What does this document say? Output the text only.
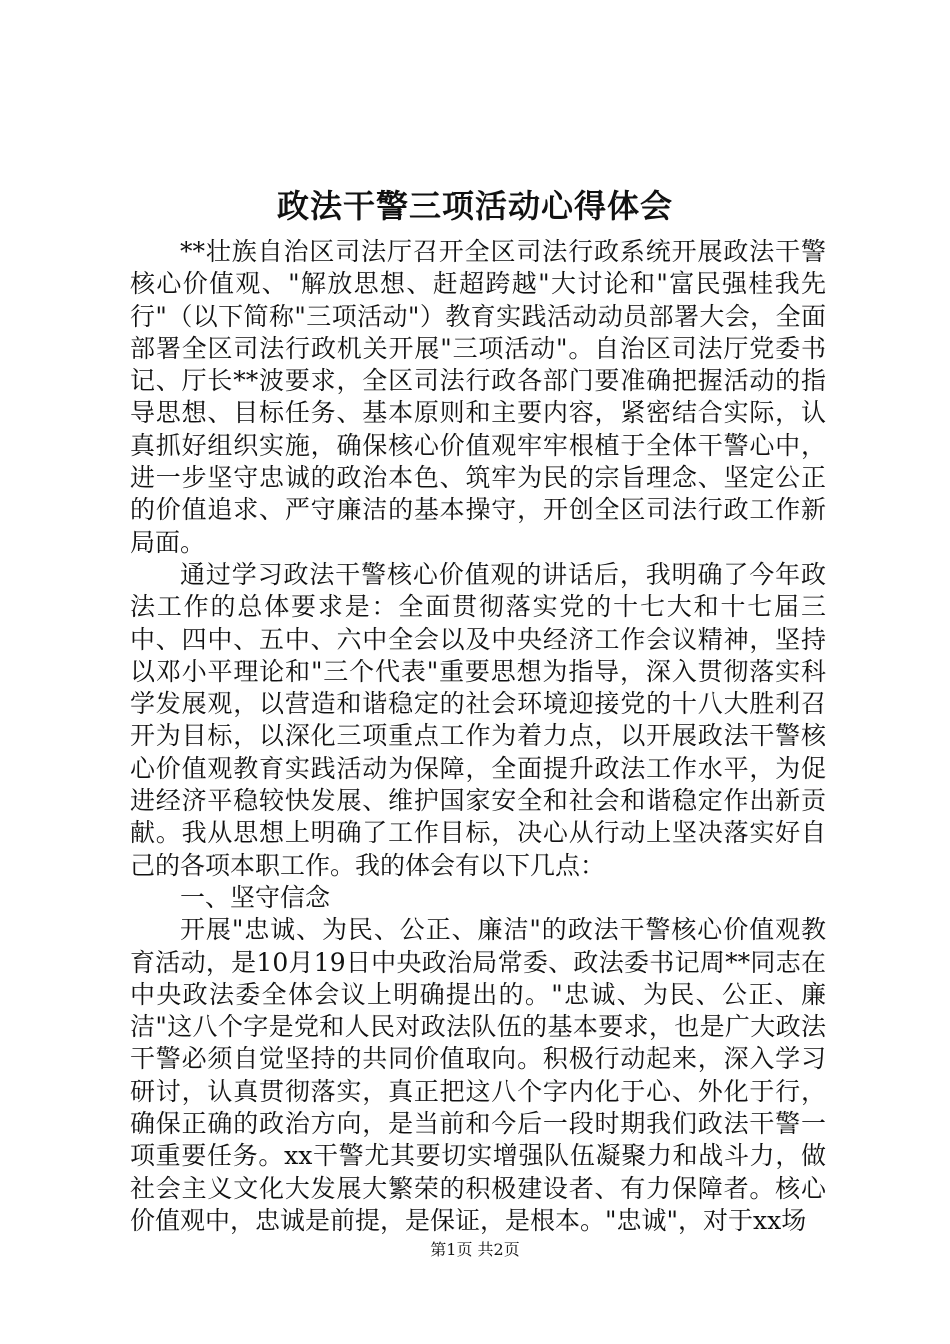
政法干警三项活动心得体会

**壮族自治区司法厅召开全区司法行政系统开展政法干警核心价值观、"解放思想、赶超跨越"大讨论和"富民强桂我先行"（以下简称"三项活动"）教育实践活动动员部署大会，全面部署全区司法行政机关开展"三项活动"。自治区司法厅党委书记、厅长**波要求，全区司法行政各部门要准确把握活动的指导思想、目标任务、基本原则和主要内容，紧密结合实际，认真抓好组织实施，确保核心价值观牢牢根植于全体干警心中，进一步坚守忠诚的政治本色、筑牢为民的宗旨理念、坚定公正的价值追求、严守廉洁的基本操守，开创全区司法行政工作新局面。

通过学习政法干警核心价值观的讲话后，我明确了今年政法工作的总体要求是：全面贯彻落实党的十七大和十七届三中、四中、五中、六中全会以及中央经济工作会议精神，坚持以邓小平理论和"三个代表"重要思想为指导，深入贯彻落实科学发展观，以营造和谐稳定的社会环境迎接党的十八大胜利召开为目标，以深化三项重点工作为着力点，以开展政法干警核心价值观教育实践活动为保障，全面提升政法工作水平，为促进经济平稳较快发展、维护国家安全和社会和谐稳定作出新贡献。我从思想上明确了工作目标，决心从行动上坚决落实好自己的各项本职工作。我的体会有以下几点：

一、坚守信念

开展"忠诚、为民、公正、廉洁"的政法干警核心价值观教育活动，是10月19日中央政治局常委、政法委书记周**同志在中央政法委全体会议上明确提出的。"忠诚、为民、公正、廉洁"这八个字是党和人民对政法队伍的基本要求，也是广大政法干警必须自觉坚持的共同价值取向。积极行动起来，深入学习研讨，认真贯彻落实，真正把这八个字内化于心、外化于行，确保正确的政治方向，是当前和今后一段时期我们政法干警一项重要任务。xx干警尤其要切实增强队伍凝聚力和战斗力，做社会主义文化大发展大繁荣的积极建设者、有力保障者。核心价值观中，忠诚是前提，是保证，是根本。"忠诚"，对于xx场

第1页 共2页
